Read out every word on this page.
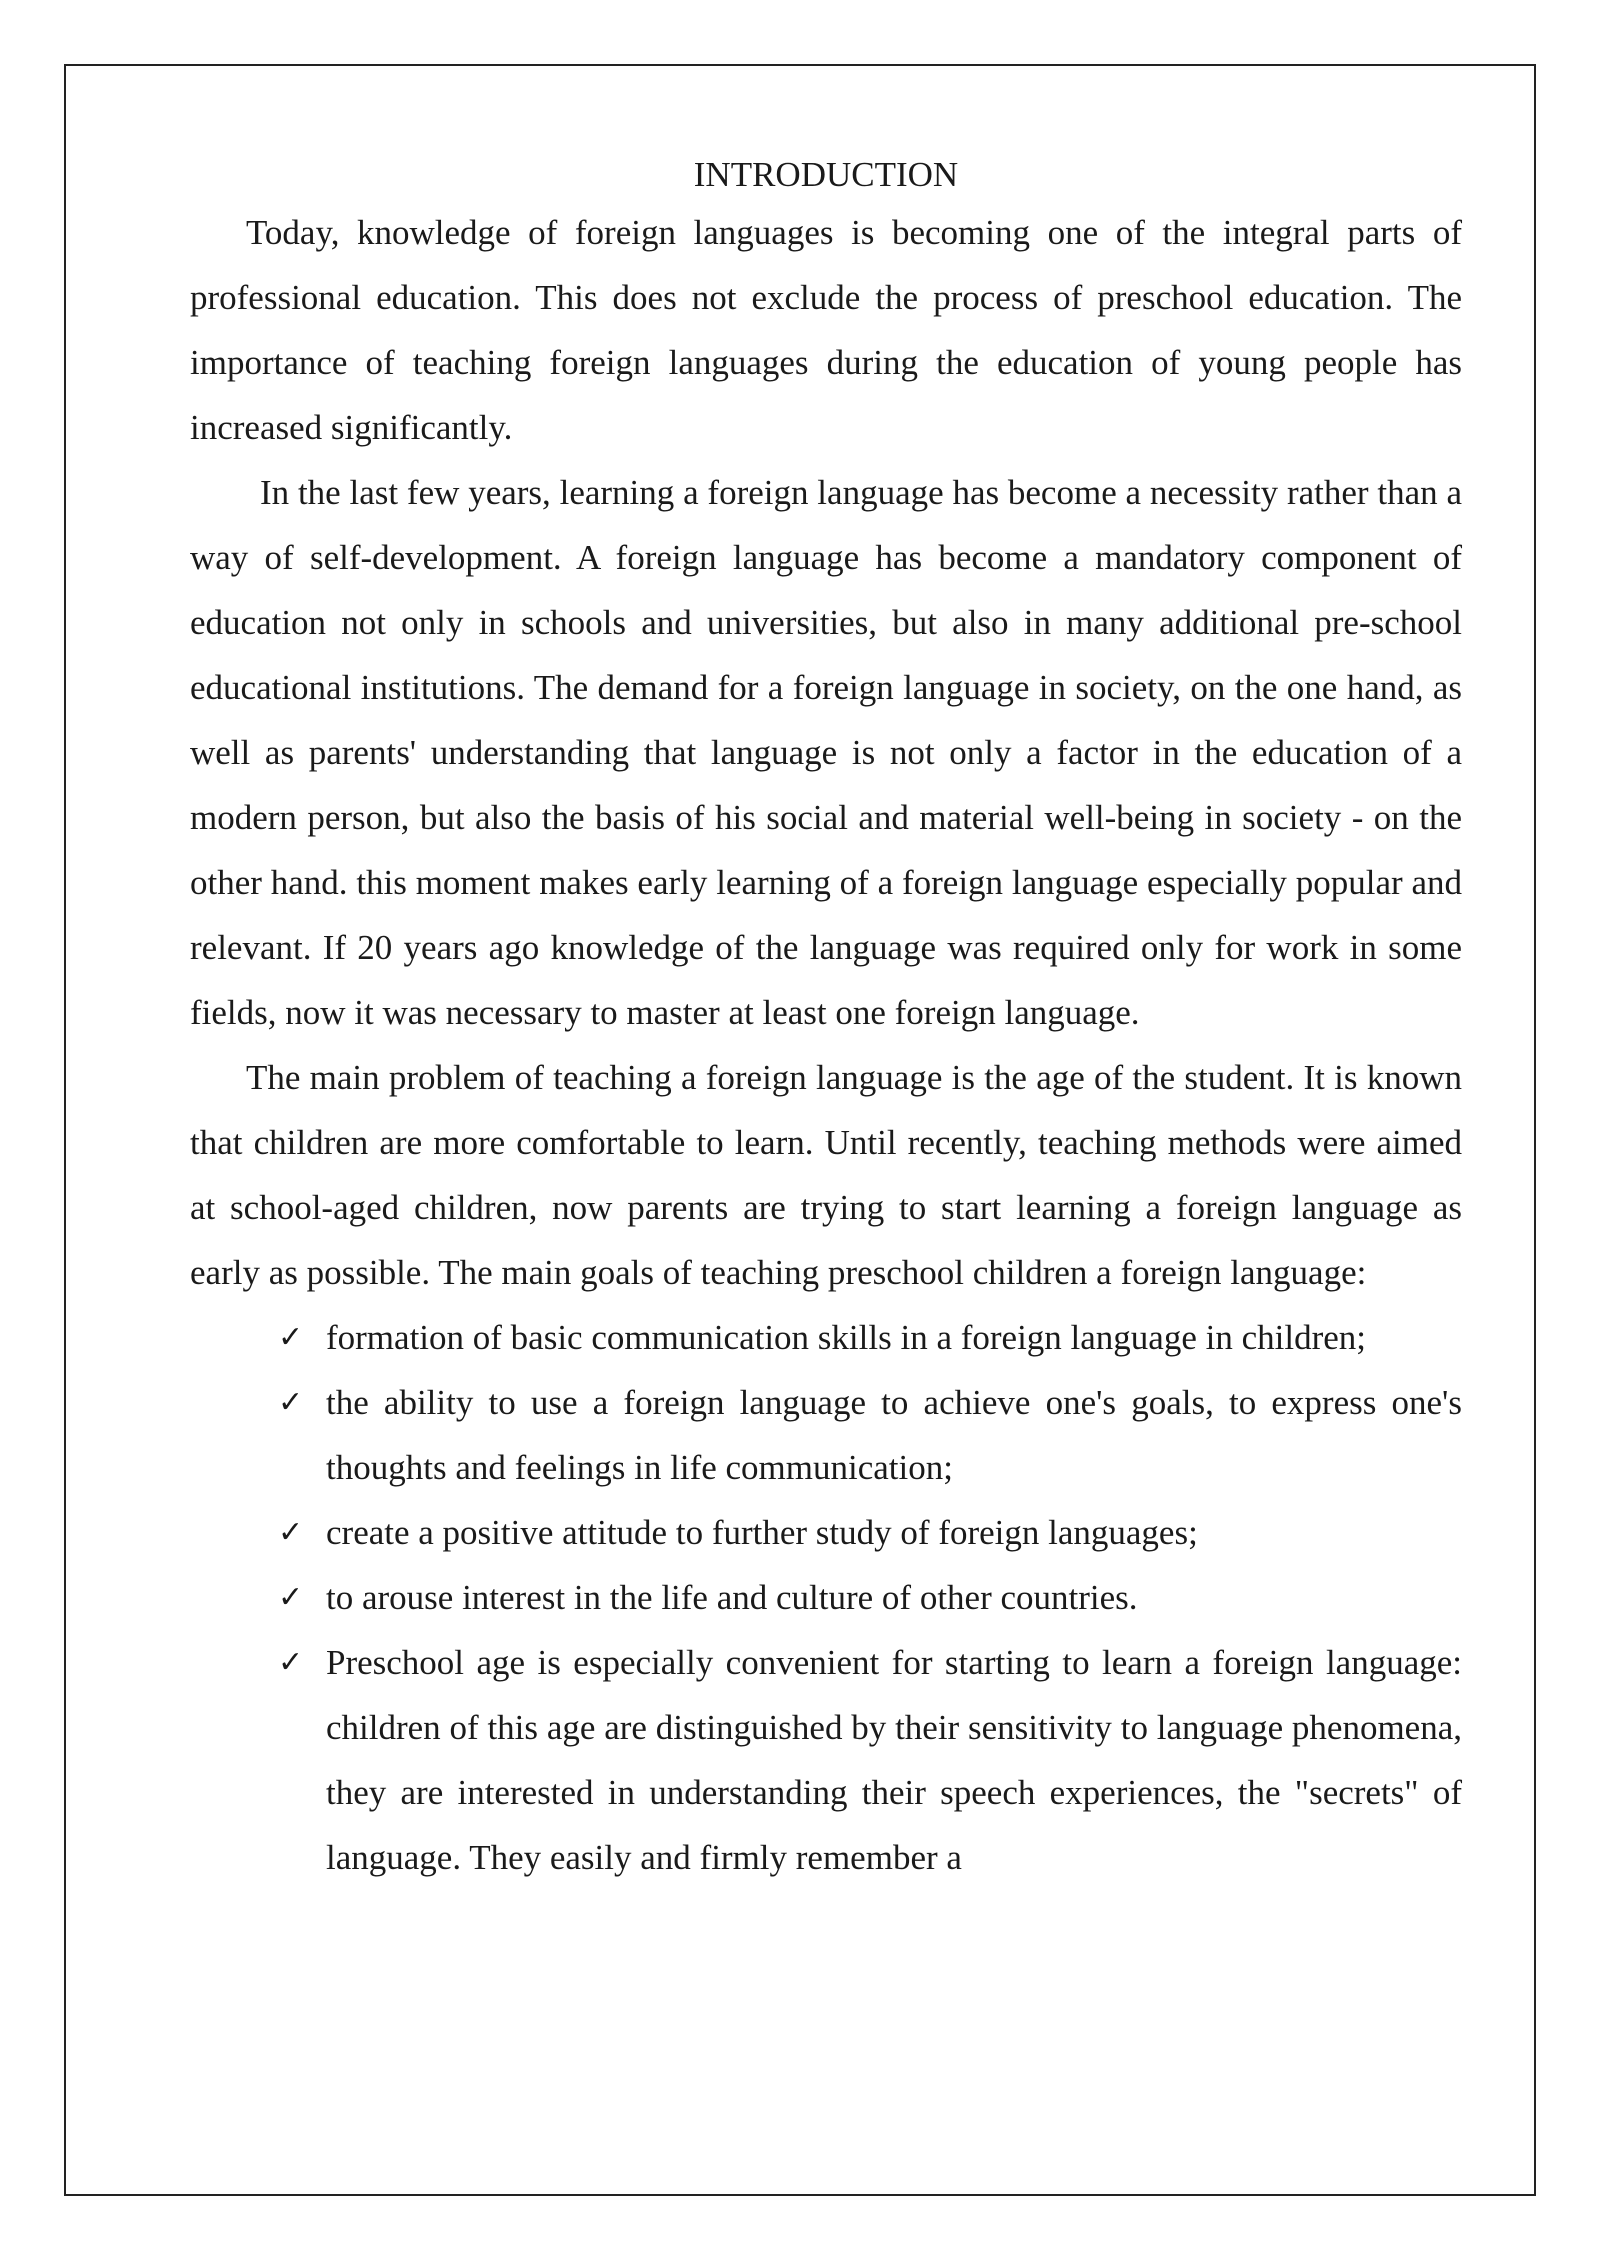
INTRODUCTION

Today, knowledge of foreign languages is becoming one of the integral parts of professional education. This does not exclude the process of preschool education. The importance of teaching foreign languages during the education of young people has increased significantly.

In the last few years, learning a foreign language has become a necessity rather than a way of self-development. A foreign language has become a mandatory component of education not only in schools and universities, but also in many additional pre-school educational institutions. The demand for a foreign language in society, on the one hand, as well as parents' understanding that language is not only a factor in the education of a modern person, but also the basis of his social and material well-being in society - on the other hand. this moment makes early learning of a foreign language especially popular and relevant. If 20 years ago knowledge of the language was required only for work in some fields, now it was necessary to master at least one foreign language.

The main problem of teaching a foreign language is the age of the student. It is known that children are more comfortable to learn. Until recently, teaching methods were aimed at school-aged children, now parents are trying to start learning a foreign language as early as possible. The main goals of teaching preschool children a foreign language:

✓ formation of basic communication skills in a foreign language in children;
✓ the ability to use a foreign language to achieve one's goals, to express one's thoughts and feelings in life communication;
✓ create a positive attitude to further study of foreign languages;
✓ to arouse interest in the life and culture of other countries.
✓ Preschool age is especially convenient for starting to learn a foreign language: children of this age are distinguished by their sensitivity to language phenomena, they are interested in understanding their speech experiences, the "secrets" of language. They easily and firmly remember a
